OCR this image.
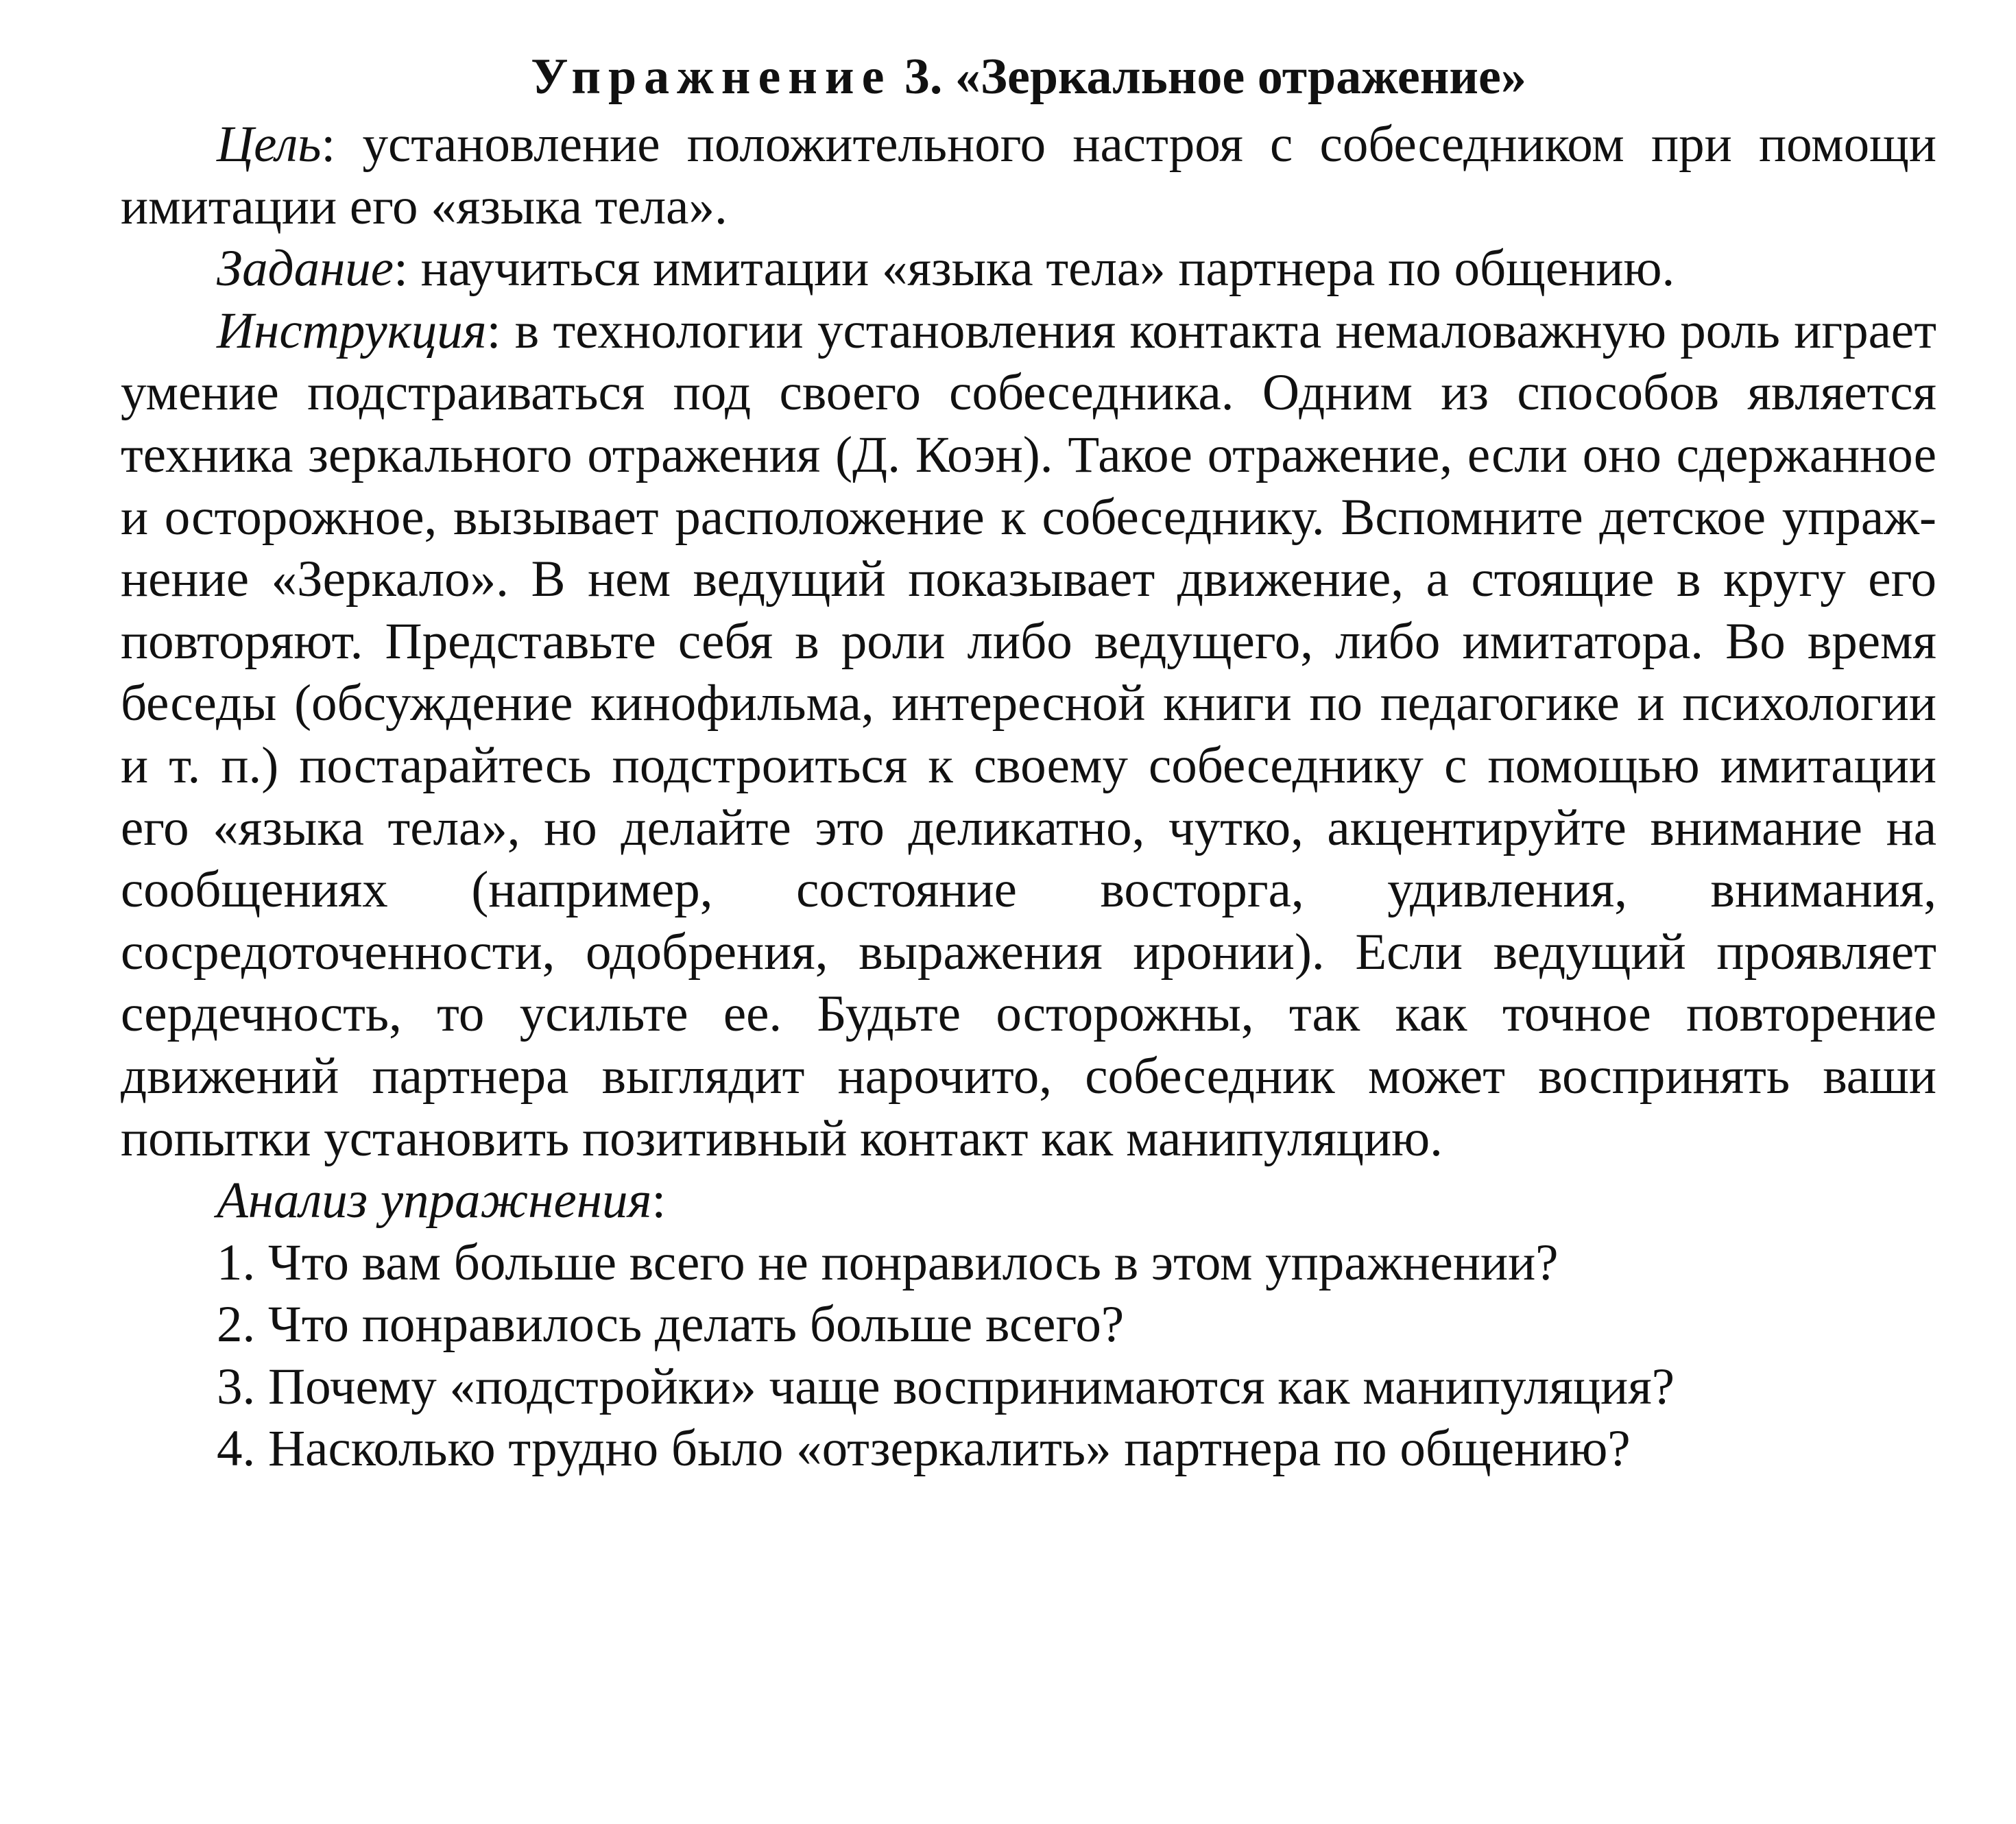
Упражнение 3. «Зеркальное отражение»

Цель: установление положительного настроя с собеседником при помощи имитации его «языка тела».

Задание: научиться имитации «языка тела» партнера по общению.

Инструкция: в технологии установления контакта немаловажную роль играет умение подстраиваться под своего собеседника. Одним из способов является техника зеркального отражения (Д. Коэн). Такое отражение, если оно сдержанное и осторожное, вызывает расположение к собеседнику. Вспомните детское упражнение «Зеркало». В нем ведущий показывает движение, а стоящие в кругу его повторяют. Представьте себя в роли либо ведущего, либо имитатора. Во время беседы (обсуждение кинофильма, интересной книги по педагогике и психологии и т. п.) постарайтесь подстроиться к своему собеседнику с помощью имитации его «языка тела», но делайте это деликатно, чутко, акцентируйте внимание на сообщениях (например, состояние восторга, удивления, внимания, сосредоточенности, одобрения, выражения иронии). Если ведущий проявляет сердечность, то усильте ее. Будьте осторожны, так как точное повторение движений партнера выглядит нарочито, собеседник может воспринять ваши попытки установить позитивный контакт как манипуляцию.

Анализ упражнения:

1. Что вам больше всего не понравилось в этом упражнении?
2. Что понравилось делать больше всего?
3. Почему «подстройки» чаще воспринимаются как манипуляция?
4. Насколько трудно было «отзеркалить» партнера по общению?
